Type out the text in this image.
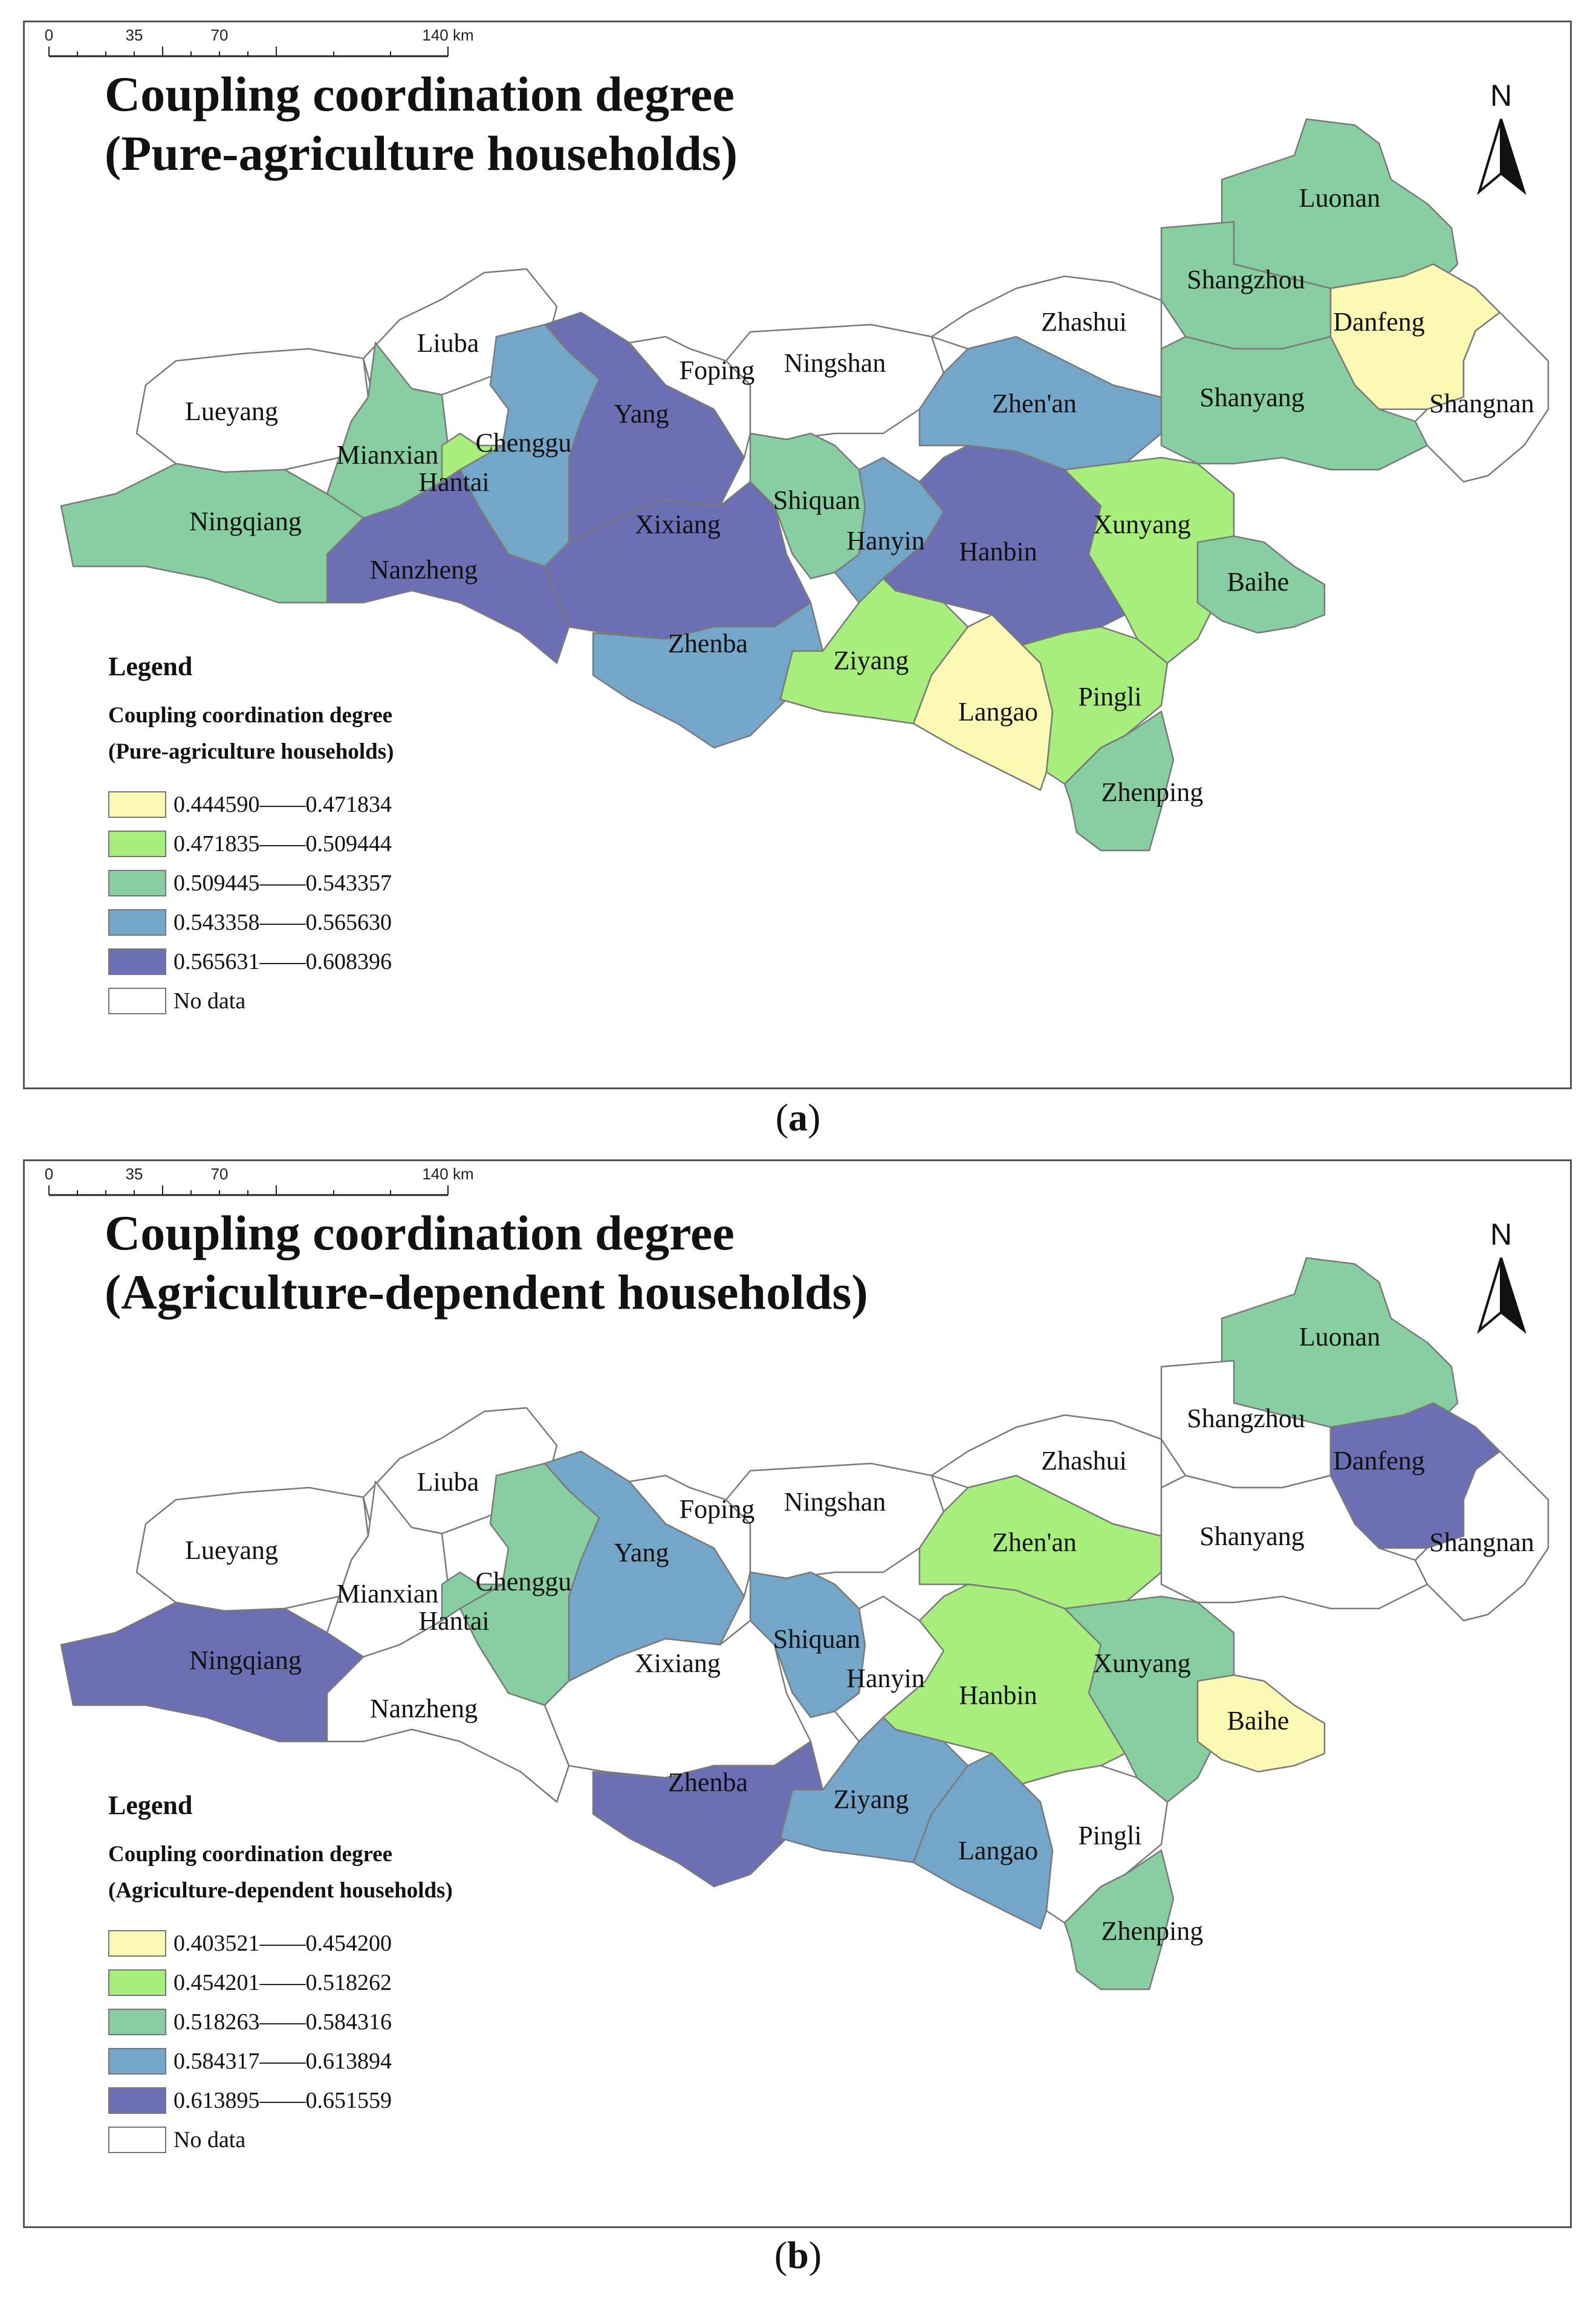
Coupling coordination degree
(Pure-agriculture households)
Lueyang
Liuba
Mianxian
Ningqiang
Chenggu
Hantai
Nanzheng
Yang
Xixiang
Foping Ningshan
Shiquan
Hanyin
Zhenba
Zhen'an
Zhashui
Hanbin
Ziyang
Langao
Pingli
Zhenping
Xunyang
Baihe
Luonan
Shangzhou
Danfeng
Shanyang	Shangnan
N
Legend
Coupling coordination degree
(Pure-agriculture households)
0.444590——0.471834
0.471835——0.509444
0.509445——0.543357
0.543358——0.565630
0.565631——0.608396
No data
0	35	70	140 km
(a)
Coupling coordination degree
(Agriculture-dependent households)
Lueyang
Liuba
Mianxian
Ningqiang
Chenggu
Hantai
Nanzheng
Yang
Xixiang
Foping Ningshan
Shiquan
Hanyin
Zhenba
Zhen'an
Zhashui
Hanbin
Ziyang
Langao
Pingli
Zhenping
Xunyang
Baihe
Luonan
Shangzhou
Danfeng
Shanyang	Shangnan
N
Legend
Coupling coordination degree
(Agriculture-dependent households)
0.403521——0.454200
0.454201——0.518262
0.518263——0.584316
0.584317——0.613894
0.613895——0.651559
No data
0	35	70	140 km
(b)
